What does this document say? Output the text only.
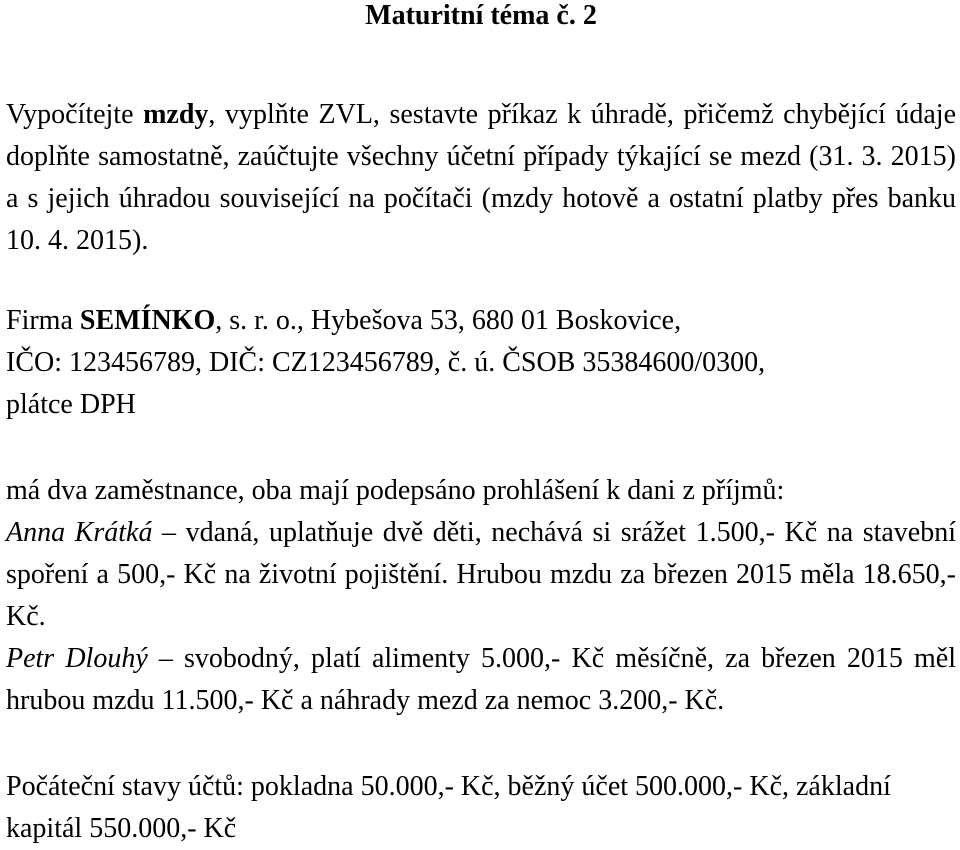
Maturitní téma č. 2

Vypočítejte mzdy, vyplňte ZVL, sestavte příkaz k úhradě, přičemž chybějící údaje doplňte samostatně, zaúčtujte všechny účetní případy týkající se mezd (31. 3. 2015) a s jejich úhradou související na počítači (mzdy hotově a ostatní platby přes banku 10. 4. 2015).

Firma SEMÍNKO, s. r. o., Hybešova 53, 680 01 Boskovice,
IČO: 123456789, DIČ: CZ123456789, č. ú. ČSOB 35384600/0300,
plátce DPH

má dva zaměstnance, oba mají podepsáno prohlášení k dani z příjmů:
Anna Krátká – vdaná, uplatňuje dvě děti, nechává si srážet 1.500,- Kč na stavební spoření a 500,- Kč na životní pojištění. Hrubou mzdu za březen 2015 měla 18.650,- Kč.
Petr Dlouhý – svobodný, platí alimenty 5.000,- Kč měsíčně, za březen 2015 měl hrubou mzdu 11.500,- Kč a náhrady mezd za nemoc 3.200,- Kč.

Počáteční stavy účtů: pokladna 50.000,- Kč, běžný účet 500.000,- Kč, základní kapitál 550.000,- Kč
